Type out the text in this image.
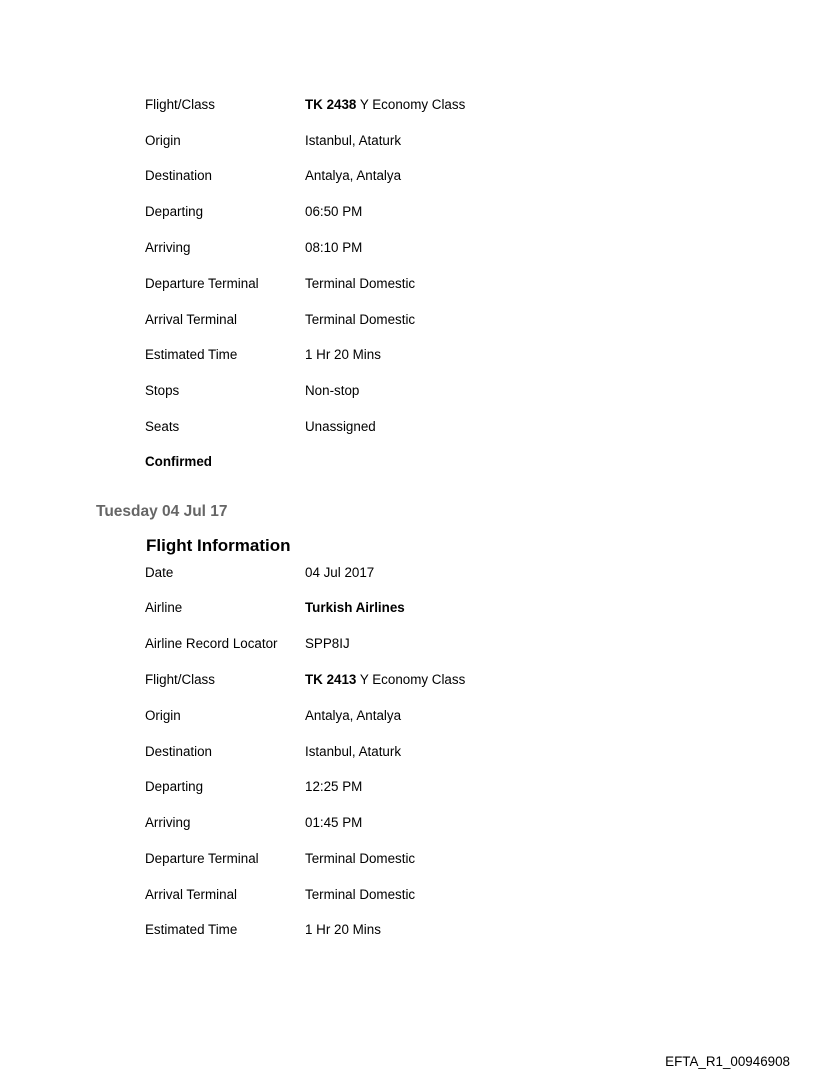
Flight/Class	TK 2438 Y Economy Class
Origin	Istanbul, Ataturk
Destination	Antalya, Antalya
Departing	06:50 PM
Arriving	08:10 PM
Departure Terminal	Terminal Domestic
Arrival Terminal	Terminal Domestic
Estimated Time	1 Hr 20 Mins
Stops	Non-stop
Seats	Unassigned
Confirmed
Tuesday 04 Jul 17
Flight Information
Date	04 Jul 2017
Airline	Turkish Airlines
Airline Record Locator SPP8IJ
Flight/Class	TK 2413 Y Economy Class
Origin	Antalya, Antalya
Destination	Istanbul, Ataturk
Departing	12:25 PM
Arriving	01:45 PM
Departure Terminal	Terminal Domestic
Arrival Terminal	Terminal Domestic
Estimated Time	1 Hr 20 Mins
EFTA_R1_00946908
